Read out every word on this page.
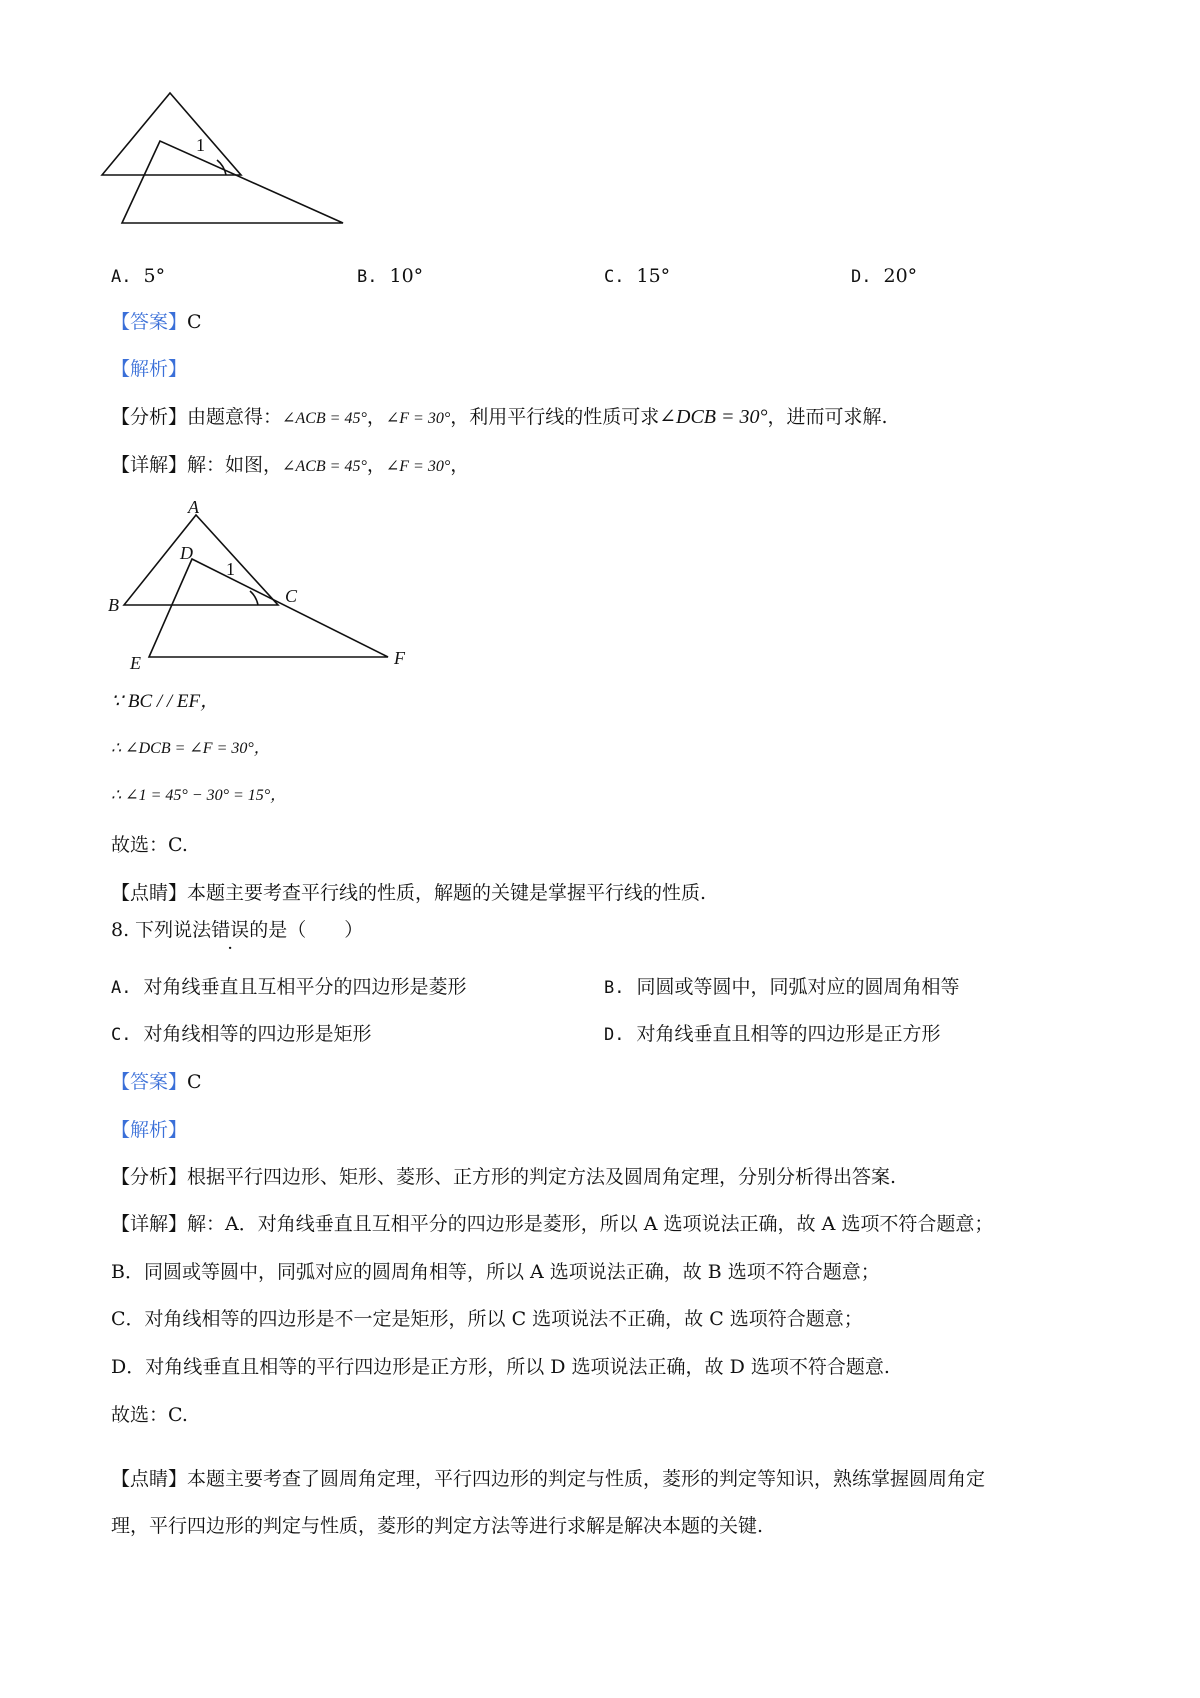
1
A. 5°	B. 10°	C. 15°	D. 20°
【答案】C
【解析】
【分析】由题意得：∠ACB = 45°，∠F = 30°，利用平行线的性质可求∠DCB = 30°，进而可求解.
【详解】解：如图，∠ACB = 45°，∠F = 30°，
A
B	C
D
E	F
1
∵ BC / / EF，
∴ ∠DCB = ∠F = 30°，
∴ ∠1 = 45° − 30° = 15°，
故选：C.
【点睛】本题主要考查平行线的性质，解题的关键是掌握平行线的性质.
8. 下列说法错误的是（　　）
A. 对角线垂直且互相平分的四边形是菱形	B. 同圆或等圆中，同弧对应的圆周角相等
C. 对角线相等的四边形是矩形	D. 对角线垂直且相等的四边形是正方形
【答案】C
【解析】
【分析】根据平行四边形、矩形、菱形、正方形的判定方法及圆周角定理，分别分析得出答案.
【详解】解：A．对角线垂直且互相平分的四边形是菱形，所以 A 选项说法正确，故 A 选项不符合题意；
B．同圆或等圆中，同弧对应的圆周角相等，所以 A 选项说法正确，故 B 选项不符合题意；
C．对角线相等的四边形是不一定是矩形，所以 C 选项说法不正确，故 C 选项符合题意；
D．对角线垂直且相等的平行四边形是正方形，所以 D 选项说法正确，故 D 选项不符合题意.
故选：C.
【点睛】本题主要考查了圆周角定理，平行四边形的判定与性质，菱形的判定等知识，熟练掌握圆周角定
理，平行四边形的判定与性质，菱形的判定方法等进行求解是解决本题的关键.
